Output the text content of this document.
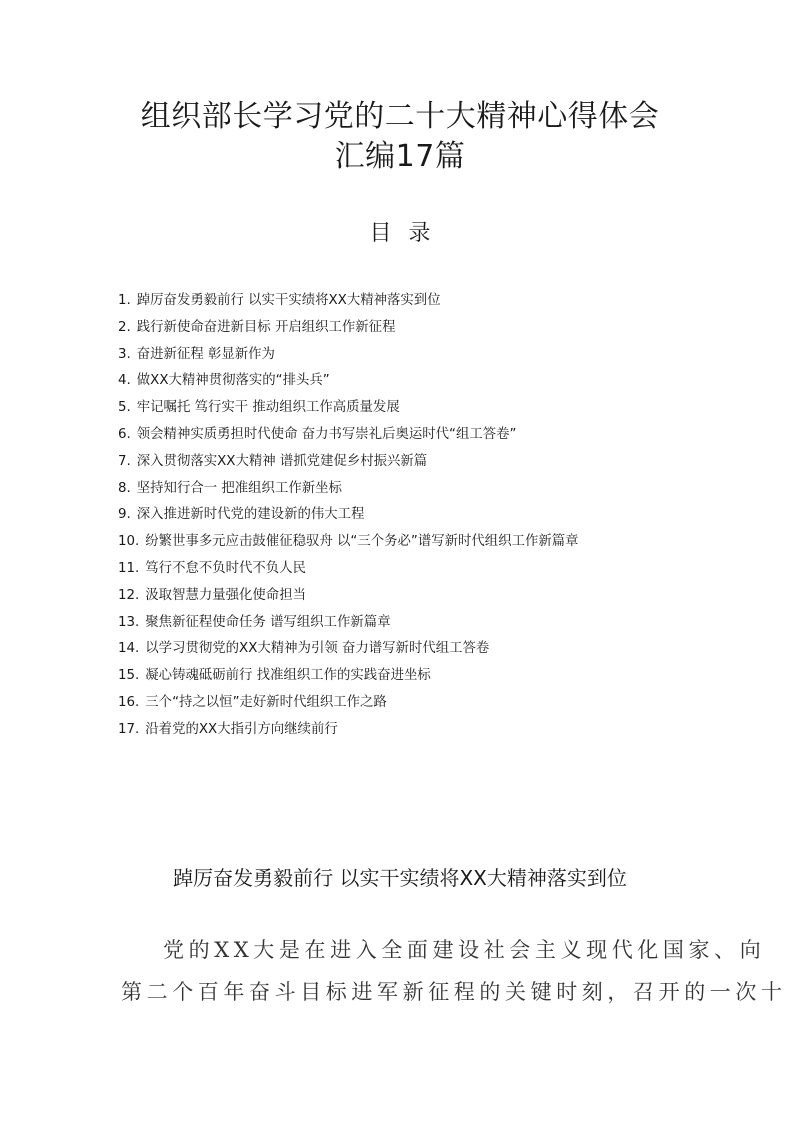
组织部长学习党的二十大精神心得体会
汇编17篇
目 录
1. 踔厉奋发勇毅前行 以实干实绩将XX大精神落实到位
2. 践行新使命奋进新目标 开启组织工作新征程
3. 奋进新征程 彰显新作为
4. 做XX大精神贯彻落实的“排头兵”
5. 牢记嘱托 笃行实干 推动组织工作高质量发展
6. 领会精神实质勇担时代使命 奋力书写崇礼后奥运时代“组工答卷”
7. 深入贯彻落实XX大精神 谱抓党建促乡村振兴新篇
8. 坚持知行合一 把准组织工作新坐标
9. 深入推进新时代党的建设新的伟大工程
10. 纷繁世事多元应击鼓催征稳驭舟 以“三个务必”谱写新时代组织工作新篇章
11. 笃行不怠不负时代不负人民
12. 汲取智慧力量强化使命担当
13. 聚焦新征程使命任务 谱写组织工作新篇章
14. 以学习贯彻党的XX大精神为引领 奋力谱写新时代组工答卷
15. 凝心铸魂砥砺前行 找准组织工作的实践奋进坐标
16. 三个“持之以恒”走好新时代组织工作之路
17. 沿着党的XX大指引方向继续前行
踔厉奋发勇毅前行 以实干实绩将XX大精神落实到位
党的XX大是在进入全面建设社会主义现代化国家、向
第二个百年奋斗目标进军新征程的关键时刻，召开的一次十
